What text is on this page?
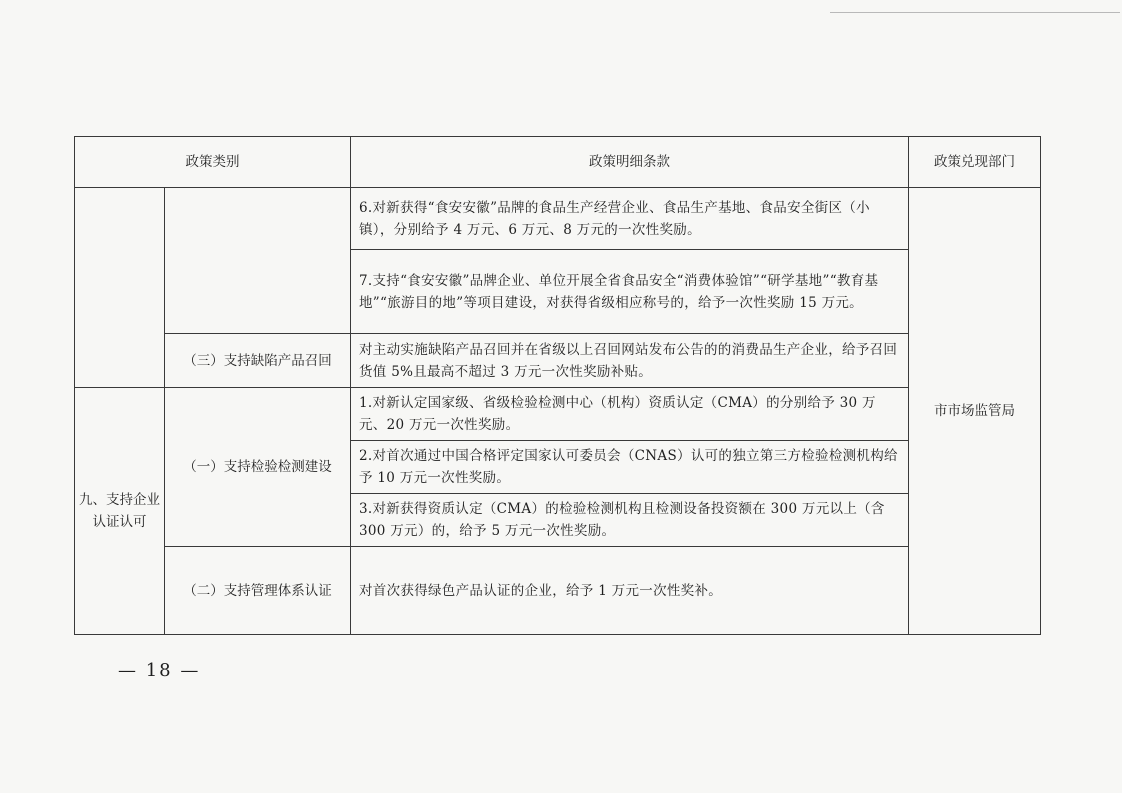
政策类别		政策明细条款	政策兑现部门
		6.对新获得“食安安徽”品牌的食品生产经营企业、食品生产基地、食品安全街区（小镇），分别给予 4 万元、6 万元、8 万元的一次性奖励。	市市场监管局
		7.支持“食安安徽”品牌企业、单位开展全省食品安全“消费体验馆”“研学基地”“教育基地”“旅游目的地”等项目建设，对获得省级相应称号的，给予一次性奖励 15 万元。	
	（三）支持缺陷产品召回	对主动实施缺陷产品召回并在省级以上召回网站发布公告的的消费品生产企业，给予召回货值 5%且最高不超过 3 万元一次性奖励补贴。	
九、支持企业认证认可	（一）支持检验检测建设	1.对新认定国家级、省级检验检测中心（机构）资质认定（CMA）的分别给予 30 万元、20 万元一次性奖励。	
		2.对首次通过中国合格评定国家认可委员会（CNAS）认可的独立第三方检验检测机构给予 10 万元一次性奖励。	
		3.对新获得资质认定（CMA）的检验检测机构且检测设备投资额在 300 万元以上（含 300 万元）的，给予 5 万元一次性奖励。	
	（二）支持管理体系认证	对首次获得绿色产品认证的企业，给予 1 万元一次性奖补。	
— 18 —
